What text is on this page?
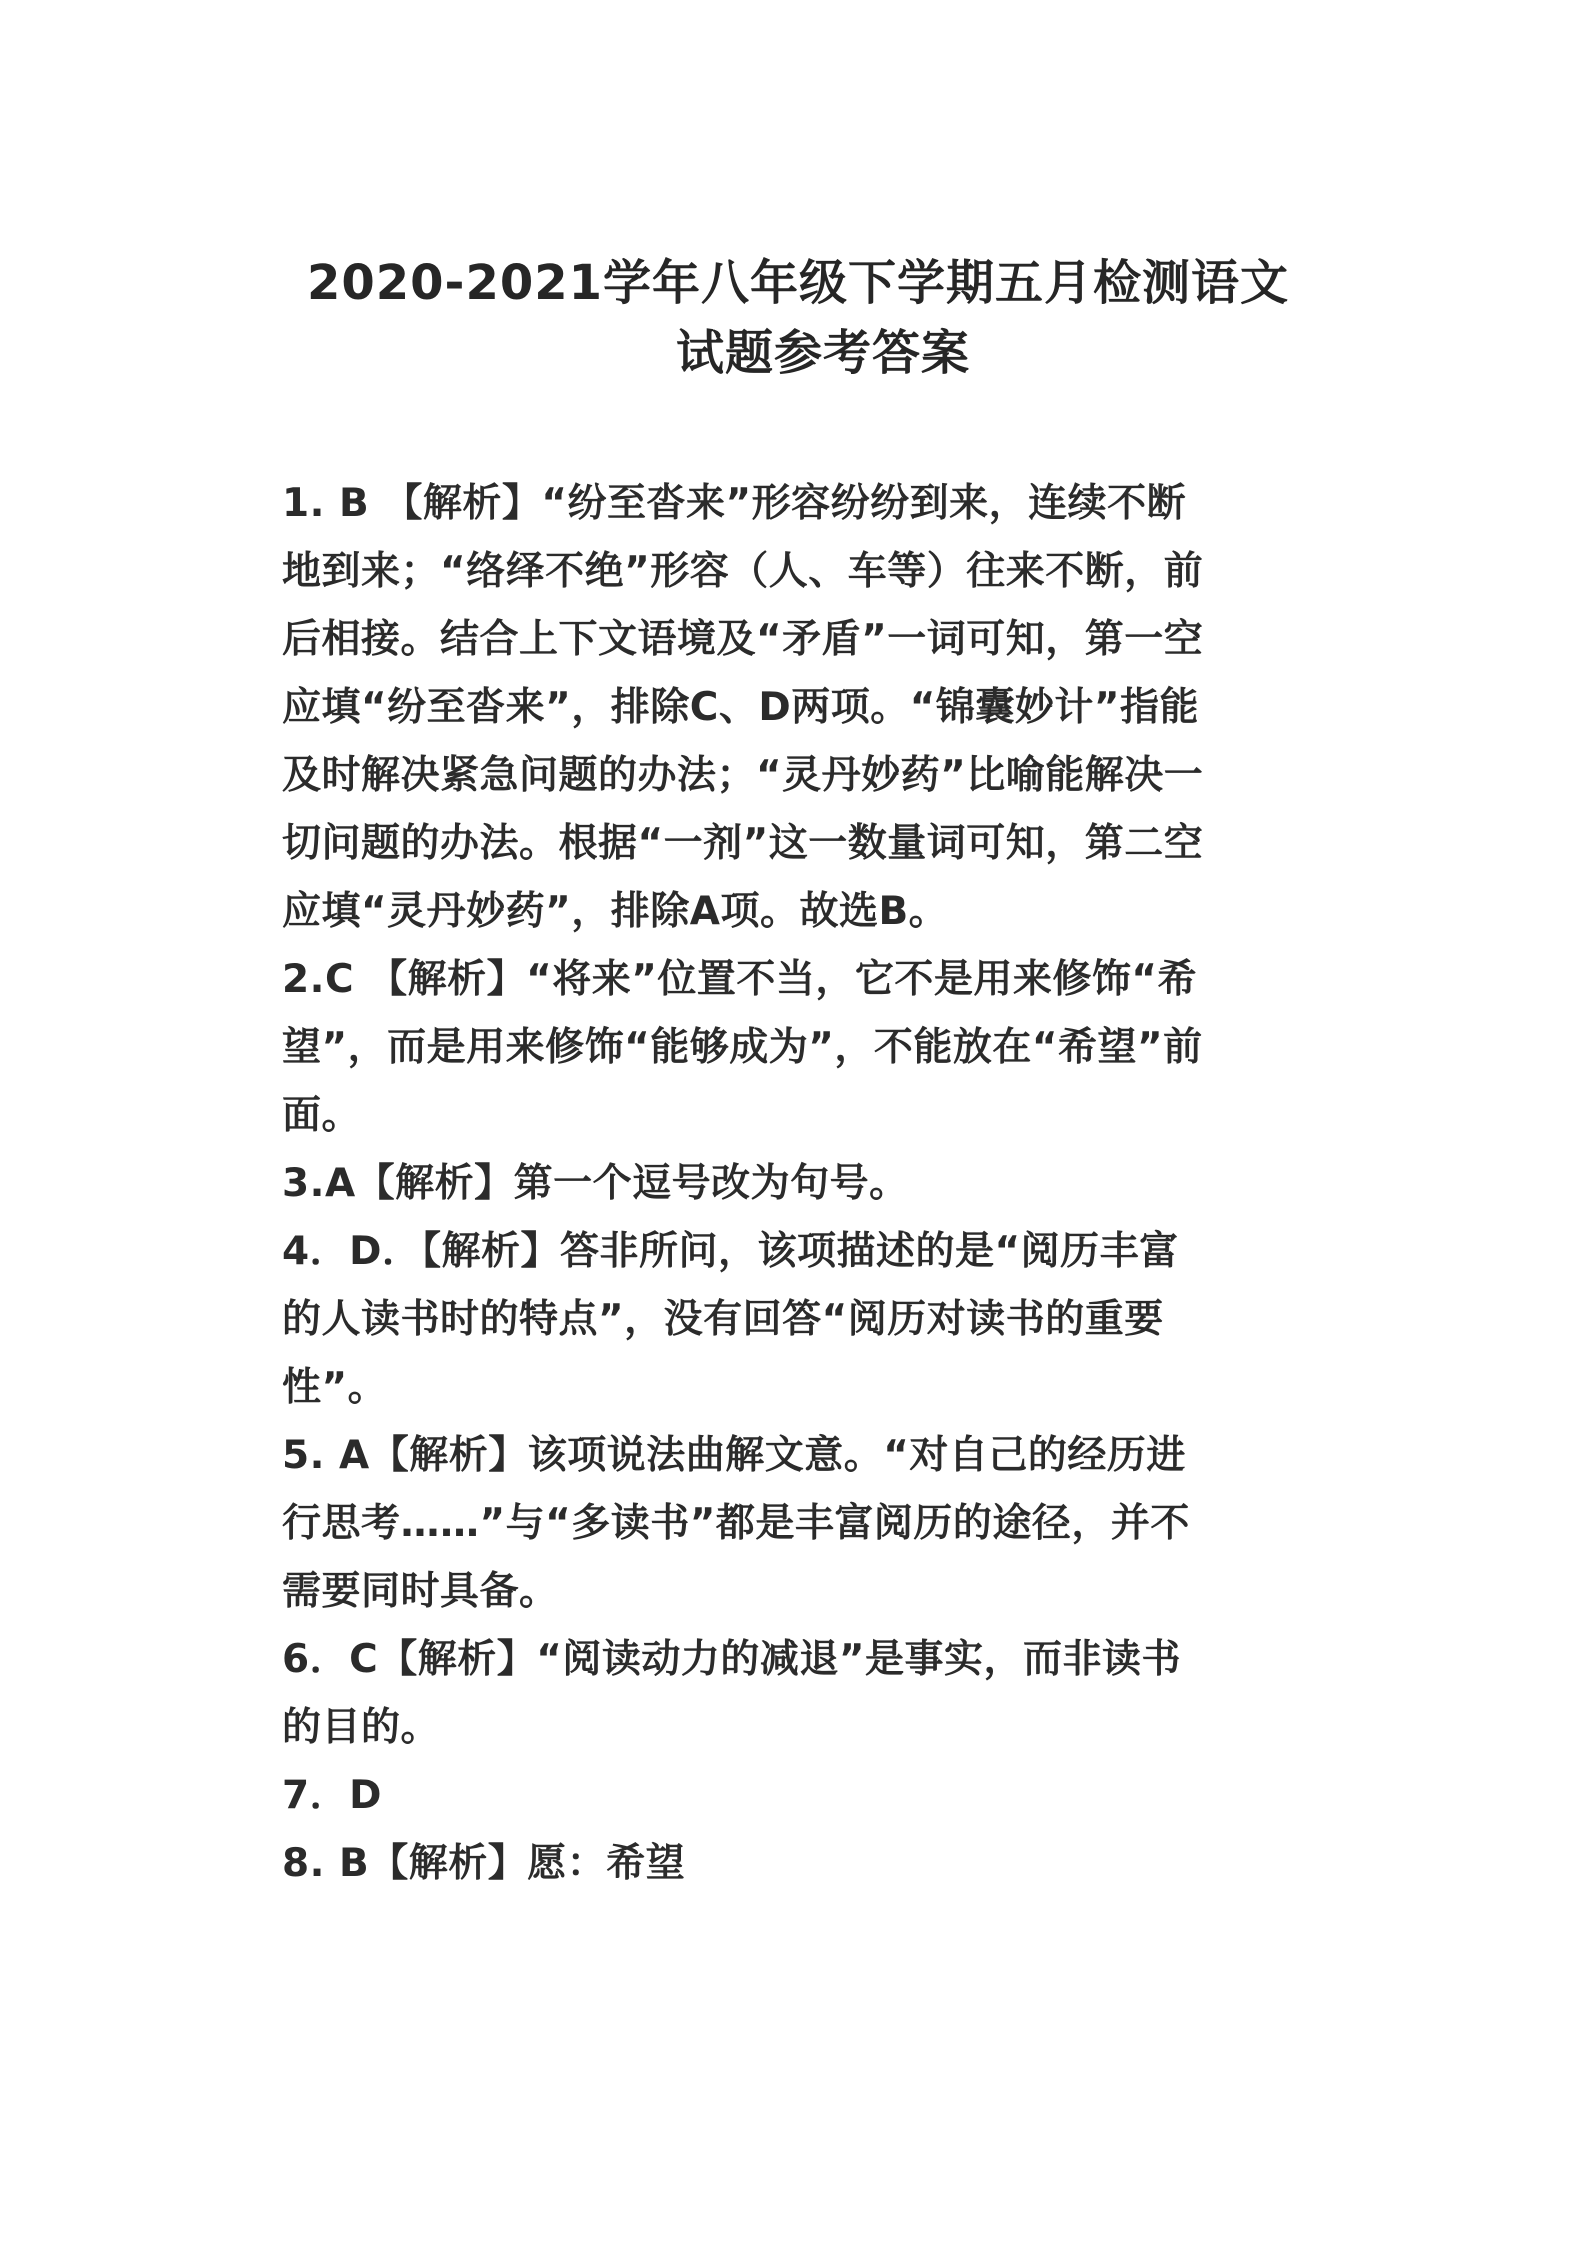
2020-2021学年八年级下学期五月检测语文
试题参考答案

1. B 【解析】“纷至沓来”形容纷纷到来，连续不断地到来；“络绎不绝”形容（人、车等）往来不断，前后相接。结合上下文语境及“矛盾”一词可知，第一空应填“纷至沓来”，排除C、D两项。“锦囊妙计”指能及时解决紧急问题的办法；“灵丹妙药”比喻能解决一切问题的办法。根据“一剂”这一数量词可知，第二空应填“灵丹妙药”，排除A项。故选B。

2.C 【解析】“将来”位置不当，它不是用来修饰“希望”，而是用来修饰“能够成为”，不能放在“希望”前面。

3.A【解析】第一个逗号改为句号。

4．D．【解析】答非所问，该项描述的是“阅历丰富的人读书时的特点”，没有回答“阅历对读书的重要性”。

5. A【解析】该项说法曲解文意。“对自己的经历进行思考……”与“多读书”都是丰富阅历的途径，并不需要同时具备。

6．C【解析】“阅读动力的减退”是事实，而非读书的目的。

7．D

8. B【解析】愿：希望
